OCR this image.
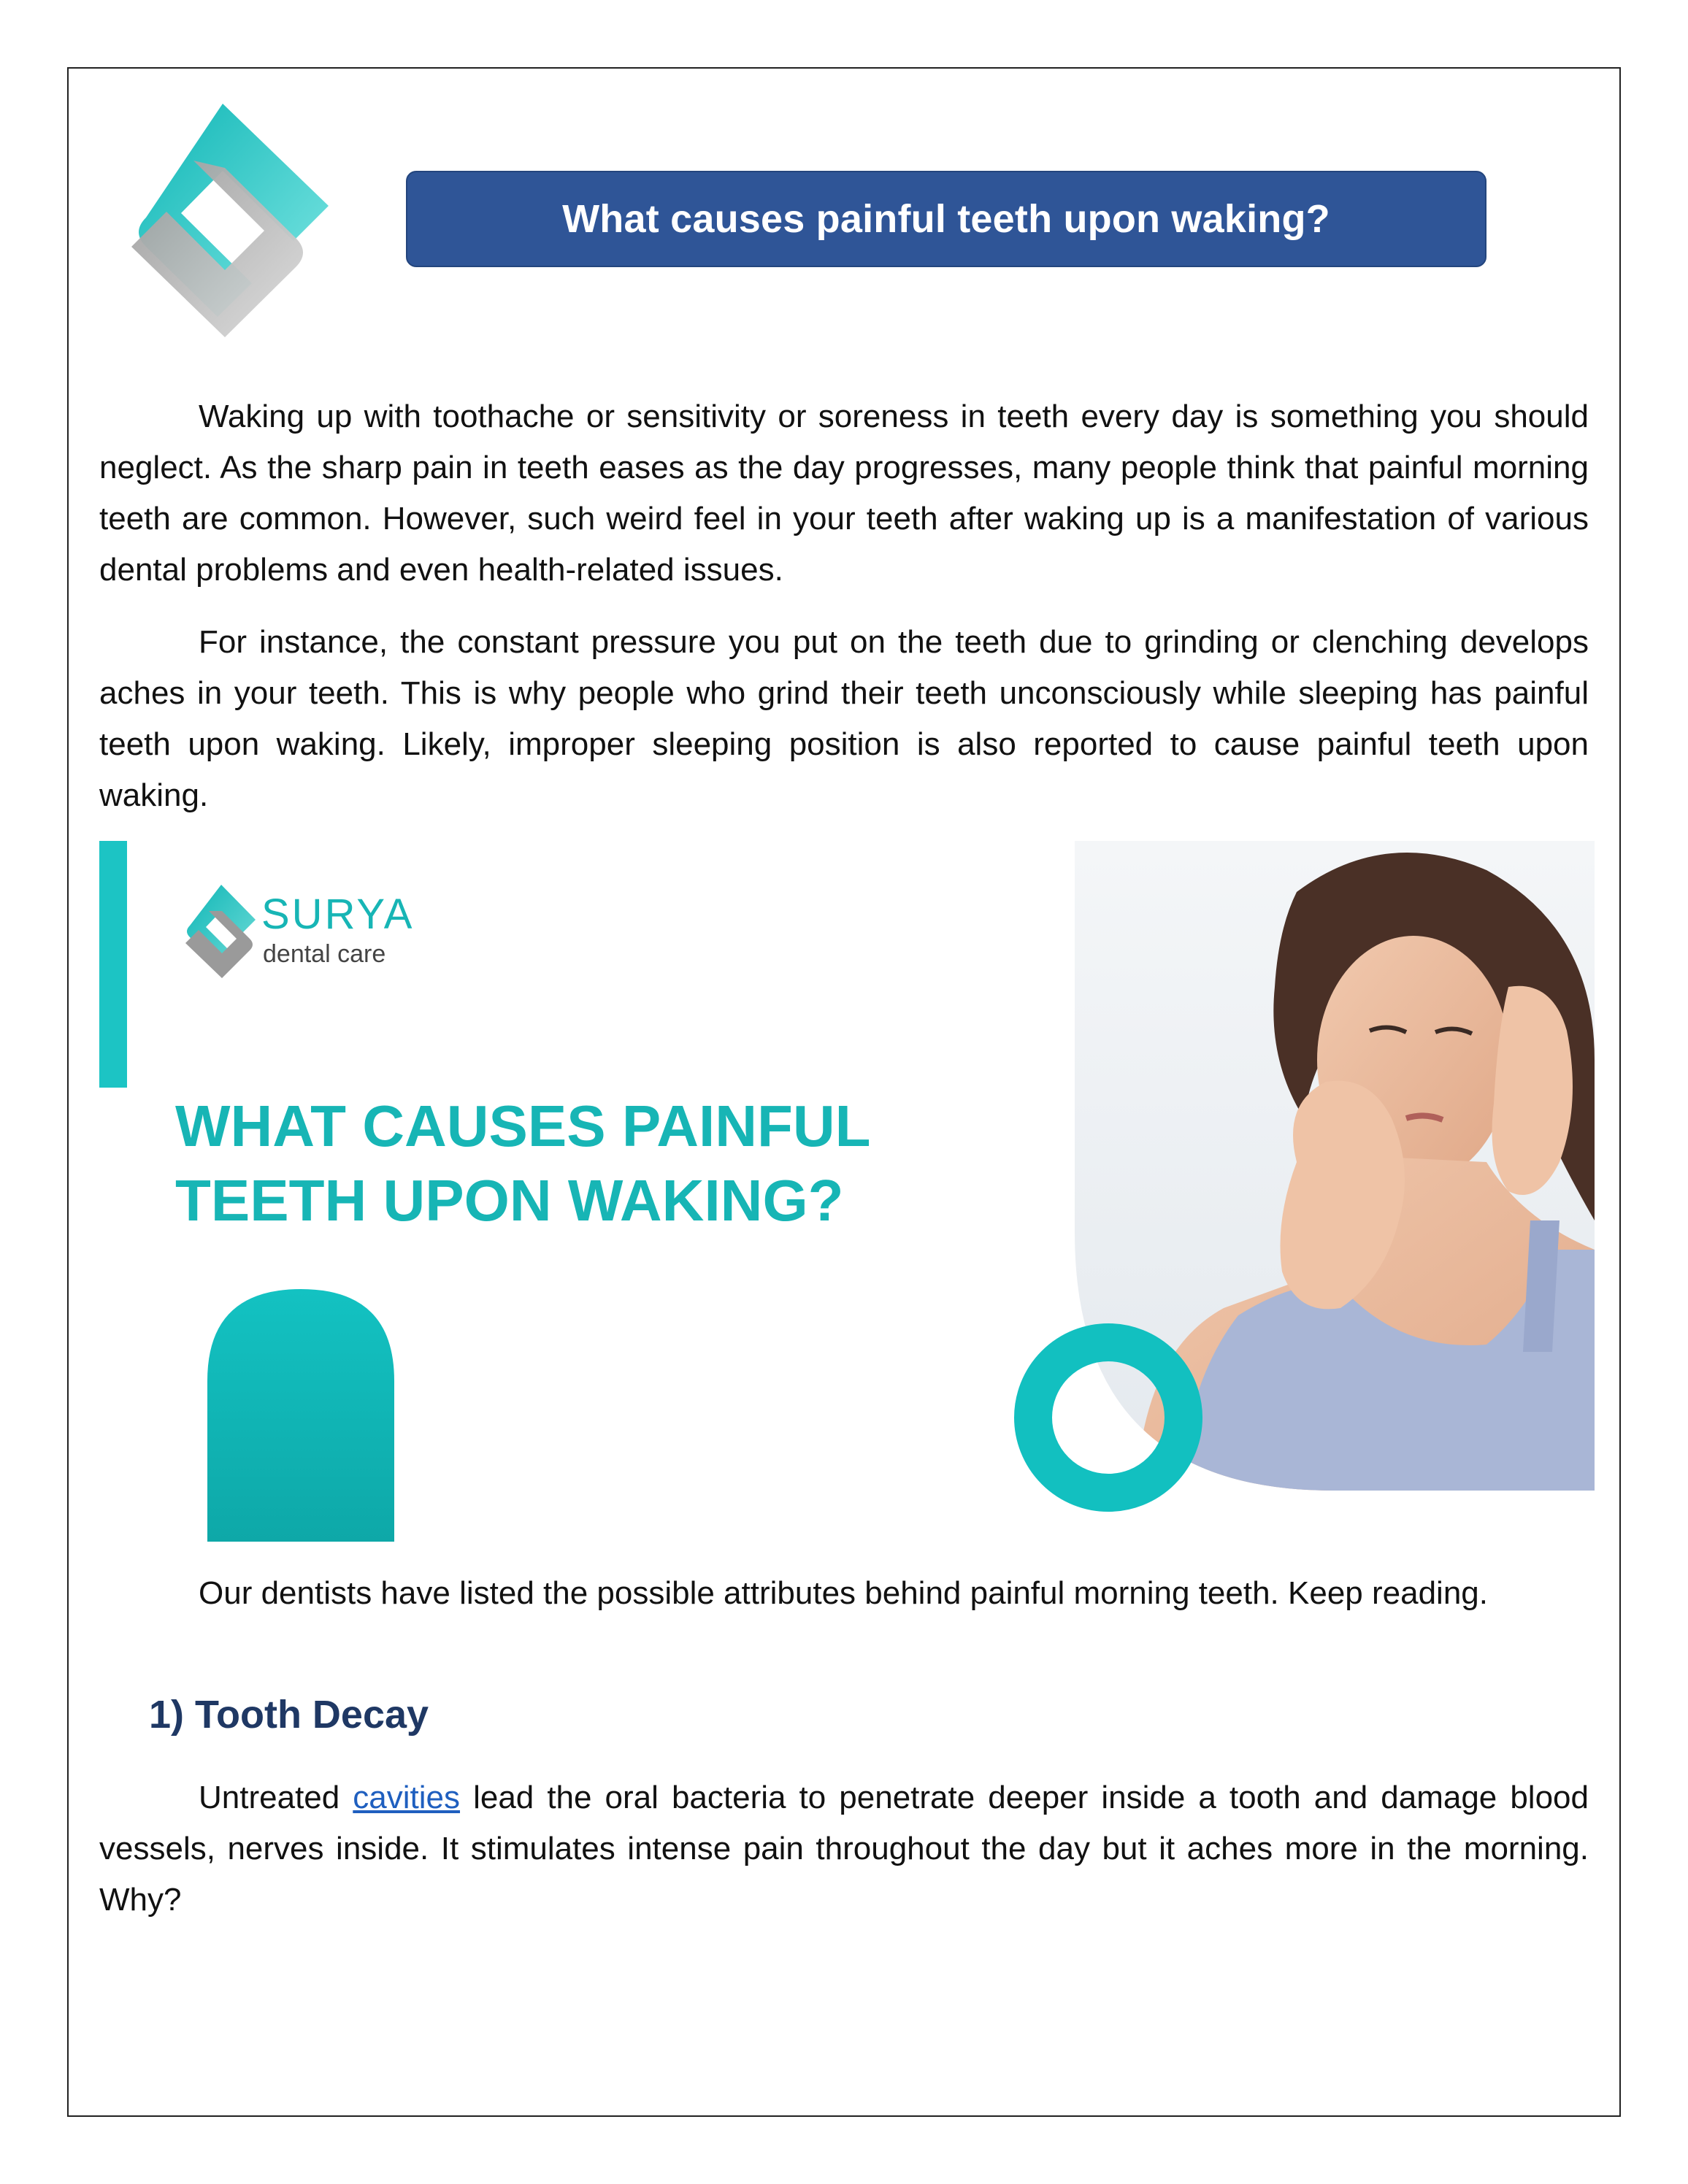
What causes painful teeth upon waking?

Waking up with toothache or sensitivity or soreness in teeth every day is something you should neglect. As the sharp pain in teeth eases as the day progresses, many people think that painful morning teeth are common. However, such weird feel in your teeth after waking up is a manifestation of various dental problems and even health-related issues.

For instance, the constant pressure you put on the teeth due to grinding or clenching develops aches in your teeth. This is why people who grind their teeth unconsciously while sleeping has painful teeth upon waking. Likely, improper sleeping position is also reported to cause painful teeth upon waking.

SURYA
dental care
WHAT CAUSES PAINFUL
TEETH UPON WAKING?

Our dentists have listed the possible attributes behind painful morning teeth. Keep reading.

1) Tooth Decay

Untreated cavities lead the oral bacteria to penetrate deeper inside a tooth and damage blood vessels, nerves inside. It stimulates intense pain throughout the day but it aches more in the morning. Why?
